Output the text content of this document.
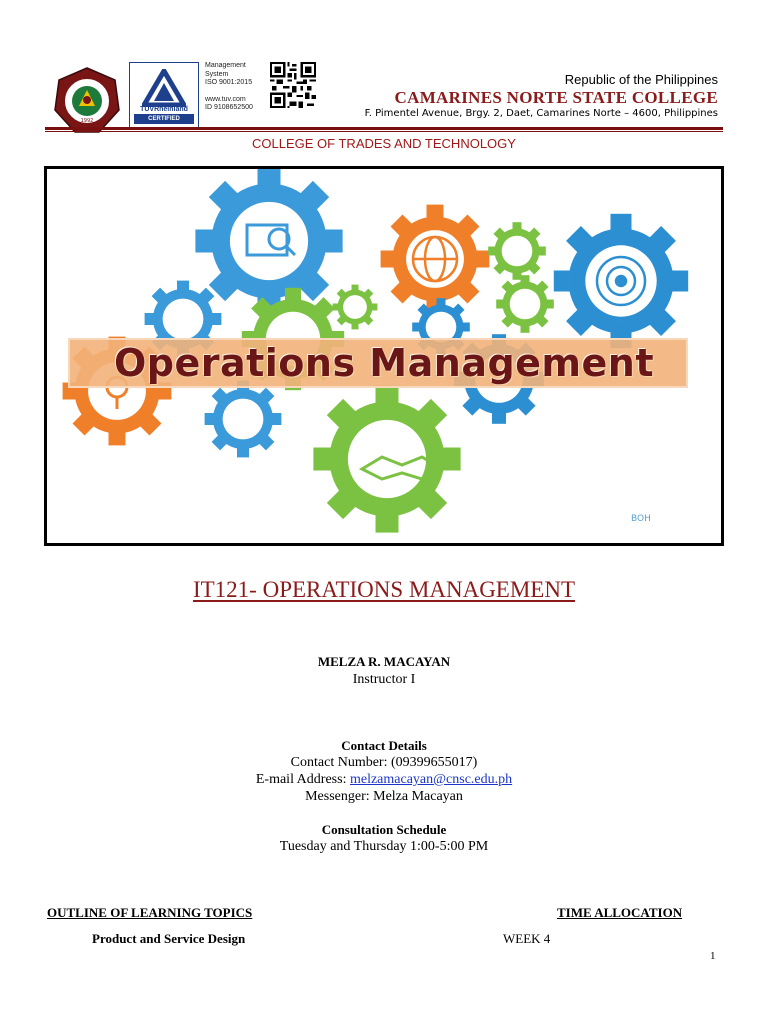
1992
TÜVRheinland
CERTIFIED
Management
System
ISO 9001:2015
www.tuv.com
ID 9108652500
Republic of the Philippines
CAMARINES NORTE STATE COLLEGE
F. Pimentel Avenue, Brgy. 2, Daet, Camarines Norte – 4600, Philippines
COLLEGE OF TRADES AND TECHNOLOGY
BOH
Operations Management
IT121- OPERATIONS MANAGEMENT
MELZA R. MACAYAN
Instructor I
Contact Details
Contact Number: (09399655017)
E-mail Address: melzamacayan@cnsc.edu.ph
Messenger: Melza Macayan
Consultation Schedule
Tuesday and Thursday 1:00-5:00 PM
OUTLINE OF LEARNING TOPICS	TIME ALLOCATION
Product and Service Design	WEEK 4
1
